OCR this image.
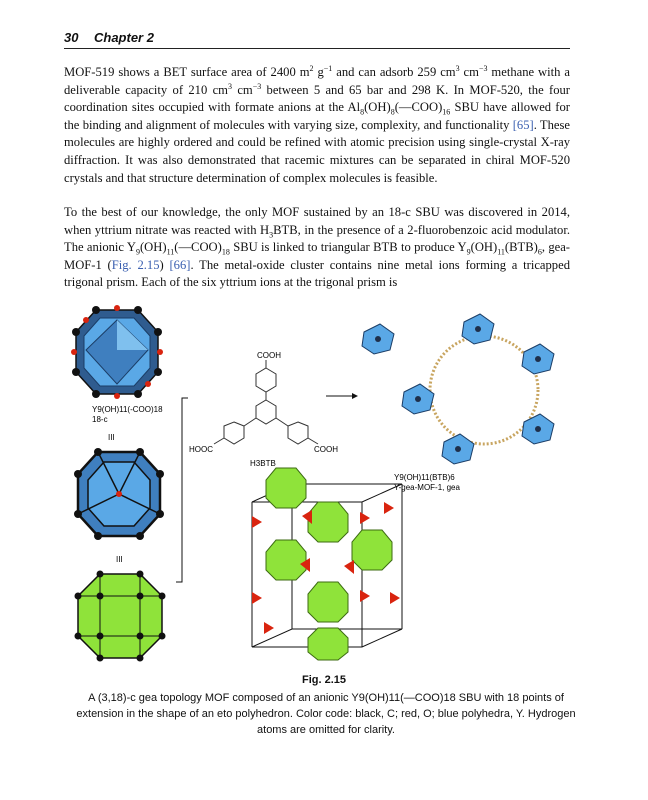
30 Chapter 2
MOF-519 shows a BET surface area of 2400 $m^2$ $g^{-1}$ and can adsorb 259 $cm^3$ $cm^{-3}$ methane with a deliverable capacity of 210 $cm^3$ $cm^{-3}$ between 5 and 65 bar and 298 K. In MOF-520, the four coordination sites occupied with formate anions at the $Al_8(OH)_8(—COO)_{16}$ SBU have allowed for the binding and alignment of molecules with varying size, complexity, and functionality [65]. These molecules are highly ordered and could be refined with atomic precision using single-crystal X-ray diffraction. It was also demonstrated that racemic mixtures can be separated in chiral MOF-520 crystals and that structure determination of complex molecules is feasible.
To the best of our knowledge, the only MOF sustained by an 18-c SBU was discovered in 2014, when yttrium nitrate was reacted with $H_3BTB$, in the presence of a 2-fluorobenzoic acid modulator. The anionic $Y_9(OH)_{11}(—COO)_{18}$ SBU is linked to triangular BTB to produce $Y_9(OH)_{11}(BTB)_6$, gea-MOF-1 (Fig. 2.15) [66]. The metal-oxide cluster contains nine metal ions forming a tricapped trigonal prism. Each of the six yttrium ions at the trigonal prism is
Y9(OH)11(-COO)18
18-c
III
III
COOH
HOOC	COOH
H3BTB
Y9(OH)11(BTB)6
Y-gea-MOF-1, gea
Fig. 2.15
A (3,18)-c gea topology MOF composed of an anionic Y9(OH)11(—COO)18 SBU with 18 points of extension in the shape of an eto polyhedron. Color code: black, C; red, O; blue polyhedra, Y. Hydrogen atoms are omitted for clarity.
